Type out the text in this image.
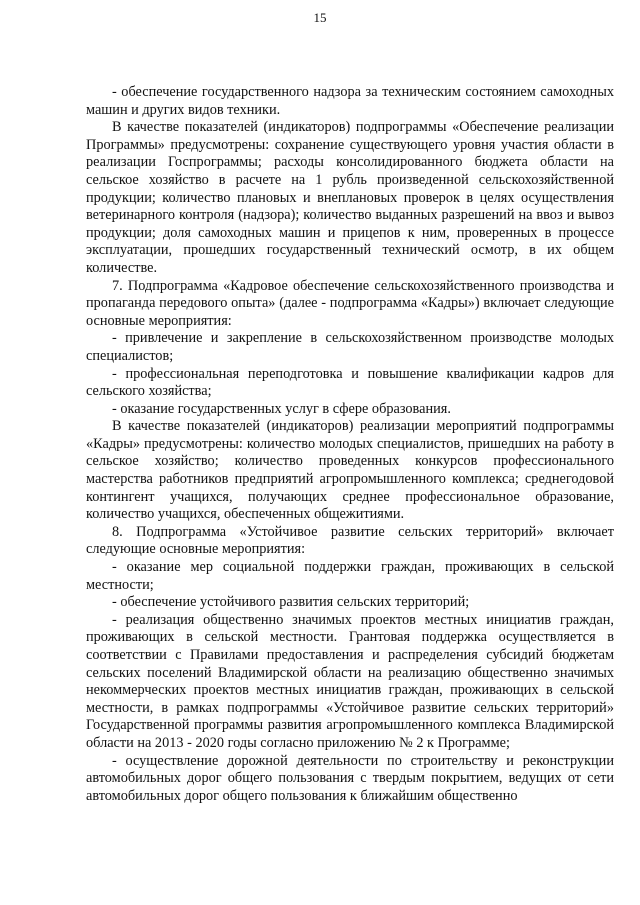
15

- обеспечение государственного надзора за техническим состоянием самоходных машин и других видов техники.

В качестве показателей (индикаторов) подпрограммы «Обеспечение реализации Программы» предусмотрены: сохранение существующего уровня участия области в реализации Госпрограммы; расходы консолидированного бюджета области на сельское хозяйство в расчете на 1 рубль произведенной сельскохозяйственной продукции; количество плановых и внеплановых проверок в целях осуществления ветеринарного контроля (надзора); количество выданных разрешений на ввоз и вывоз продукции; доля самоходных машин и прицепов к ним, проверенных в процессе эксплуатации, прошедших государственный технический осмотр, в их общем количестве.

7. Подпрограмма «Кадровое обеспечение сельскохозяйственного производства и пропаганда передового опыта» (далее - подпрограмма «Кадры») включает следующие основные мероприятия:

- привлечение и закрепление в сельскохозяйственном производстве молодых специалистов;

- профессиональная переподготовка и повышение квалификации кадров для сельского хозяйства;

- оказание государственных услуг в сфере образования.

В качестве показателей (индикаторов) реализации мероприятий подпрограммы «Кадры» предусмотрены: количество молодых специалистов, пришедших на работу в сельское хозяйство; количество проведенных конкурсов профессионального мастерства работников предприятий агропромышленного комплекса; среднегодовой контингент учащихся, получающих среднее профессиональное образование, количество учащихся, обеспеченных общежитиями.

8. Подпрограмма «Устойчивое развитие сельских территорий» включает следующие основные мероприятия:

- оказание мер социальной поддержки граждан, проживающих в сельской местности;

- обеспечение устойчивого развития сельских территорий;

- реализация общественно значимых проектов местных инициатив граждан, проживающих в сельской местности. Грантовая поддержка осуществляется в соответствии с Правилами предоставления и распределения субсидий бюджетам сельских поселений Владимирской области на реализацию общественно значимых некоммерческих проектов местных инициатив граждан, проживающих в сельской местности, в рамках подпрограммы «Устойчивое развитие сельских территорий» Государственной программы развития агропромышленного комплекса Владимирской области на 2013 - 2020 годы согласно приложению № 2 к Программе;

- осуществление дорожной деятельности по строительству и реконструкции автомобильных дорог общего пользования с твердым покрытием, ведущих от сети автомобильных дорог общего пользования к ближайшим общественно
